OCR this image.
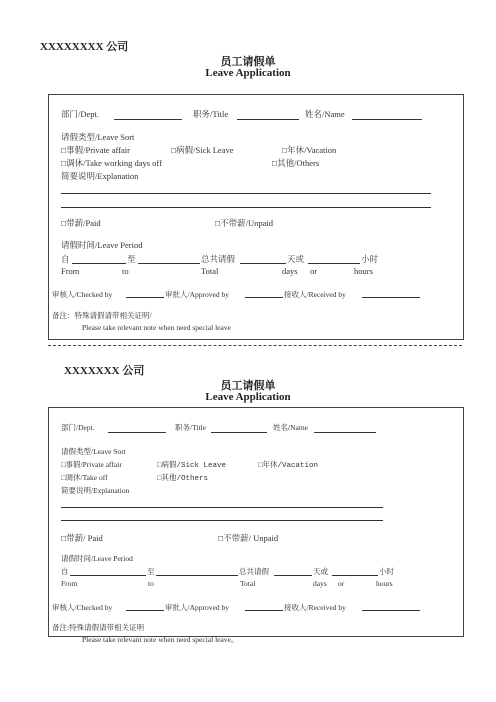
XXXXXXXX 公司
员工请假单
Leave Application
部门/Dept.	职务/Title	姓名/Name
请假类型/Leave Sort
□事假/Private affair	□病假/Sick Leave	□年休/Vacation
□调休/Take working days off	□其他/Others
简要说明/Explanation
□带薪/Paid	□不带薪/Unpaid
请假时间/Leave Period
自	至	总共请假	天或	小时
From	to	Total	days or	hours
审核人/Checked by	审批人/Approved by	接收人/Received by
备注：特殊请假请带相关证明/
Please take relevant note when need special leave
XXXXXXX 公司
员工请假单
Leave Application
部门/Dept.	职务/Title	姓名/Name
请假类型/Leave Sort
□事假/Private affair	□病假/Sick Leave	□年休/Vacation
□调休/Take off	□其他/Others
简要说明/Explanation
□带薪/ Paid	□不带薪/ Unpaid
请假时间/Leave Period
自	至	总共请假	天或	小时
From	to	Total	days or	hours
审核人/Checked by	审批人/Approved by	接收人/Received by
备注:特殊请假请带相关证明
Please take relevant note when need special leave。
